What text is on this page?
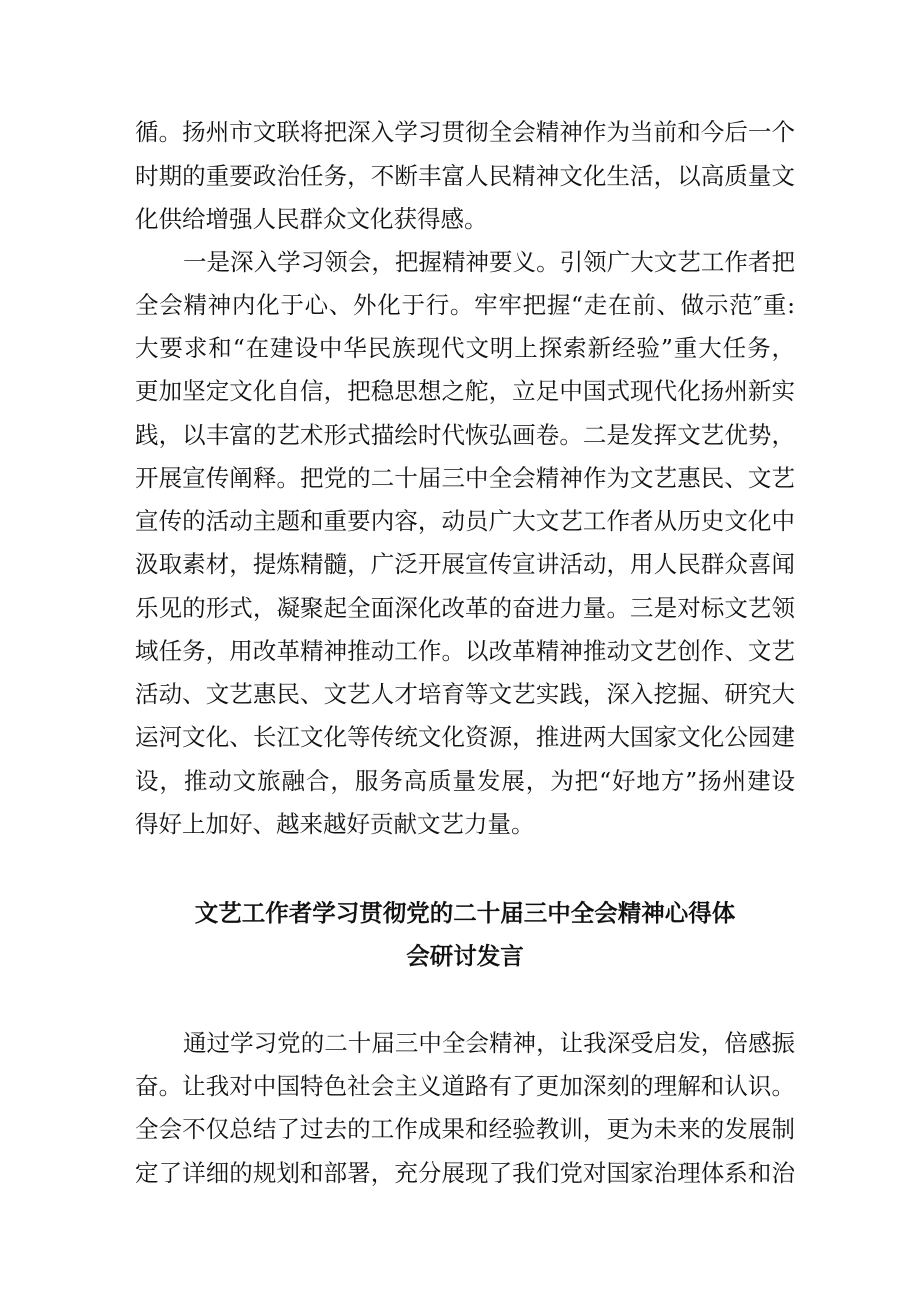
循。扬州市文联将把深入学习贯彻全会精神作为当前和今后一个
时期的重要政治任务，不断丰富人民精神文化生活，以高质量文
化供给增强人民群众文化获得感。
一是深入学习领会，把握精神要义。引领广大文艺工作者把
全会精神内化于心、外化于行。牢牢把握“走在前、做示范″重:
大要求和“在建设中华民族现代文明上探索新经验”重大任务，
更加坚定文化自信，把稳思想之舵，立足中国式现代化扬州新实
践，以丰富的艺术形式描绘时代恢弘画卷。二是发挥文艺优势，
开展宣传阐释。把党的二十届三中全会精神作为文艺惠民、文艺
宣传的活动主题和重要内容，动员广大文艺工作者从历史文化中
汲取素材，提炼精髓，广泛开展宣传宣讲活动，用人民群众喜闻
乐见的形式，凝聚起全面深化改革的奋进力量。三是对标文艺领
域任务，用改革精神推动工作。以改革精神推动文艺创作、文艺
活动、文艺惠民、文艺人才培育等文艺实践，深入挖掘、研究大
运河文化、长江文化等传统文化资源，推进两大国家文化公园建
设，推动文旅融合，服务高质量发展，为把“好地方”扬州建设
得好上加好、越来越好贡献文艺力量。
文艺工作者学习贯彻党的二十届三中全会精神心得体
会研讨发言
通过学习党的二十届三中全会精神，让我深受启发，倍感振
奋。让我对中国特色社会主义道路有了更加深刻的理解和认识。
全会不仅总结了过去的工作成果和经验教训，更为未来的发展制
定了详细的规划和部署，充分展现了我们党对国家治理体系和治
